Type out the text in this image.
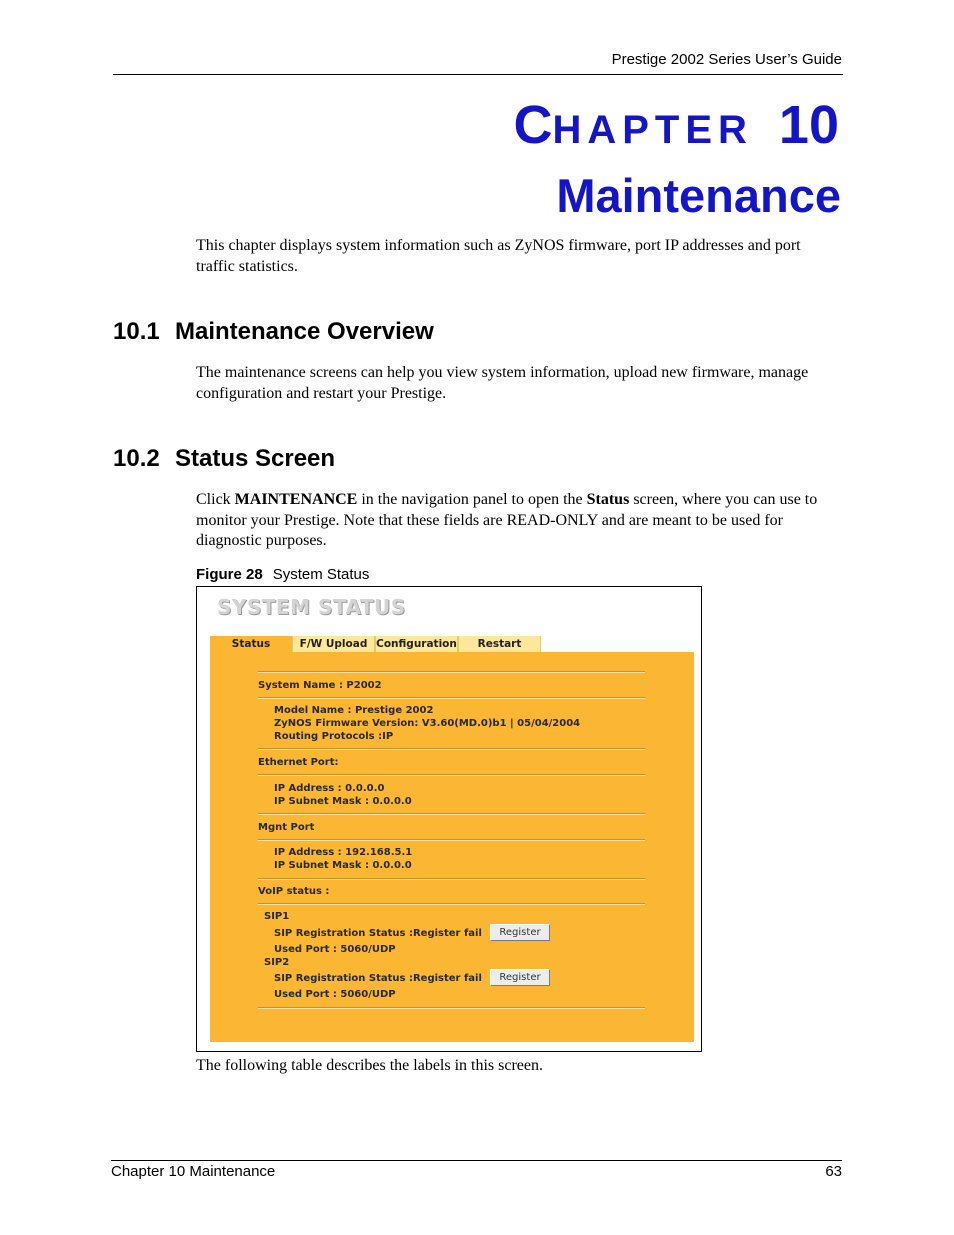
Prestige 2002 Series User’s Guide
CHAPTER 10
Maintenance
This chapter displays system information such as ZyNOS firmware, port IP addresses and port traffic statistics.
10.1 Maintenance Overview
The maintenance screens can help you view system information, upload new firmware, manage configuration and restart your Prestige.
10.2 Status Screen
Click MAINTENANCE in the navigation panel to open the Status screen, where you can use to monitor your Prestige. Note that these fields are READ-ONLY and are meant to be used for diagnostic purposes.
Figure 28 System Status
SYSTEM STATUS
Status	F/W Upload Configuration	Restart
System Name : P2002
Model Name : Prestige 2002
ZyNOS Firmware Version: V3.60(MD.0)b1 | 05/04/2004
Routing Protocols :IP
Ethernet Port:
IP Address : 0.0.0.0
IP Subnet Mask : 0.0.0.0
Mgnt Port
IP Address : 192.168.5.1
IP Subnet Mask : 0.0.0.0
VoIP status :
SIP1
SIP Registration Status :Register fail	Register
Used Port : 5060/UDP
SIP2
SIP Registration Status :Register fail	Register
Used Port : 5060/UDP
The following table describes the labels in this screen.
Chapter 10 Maintenance	63
